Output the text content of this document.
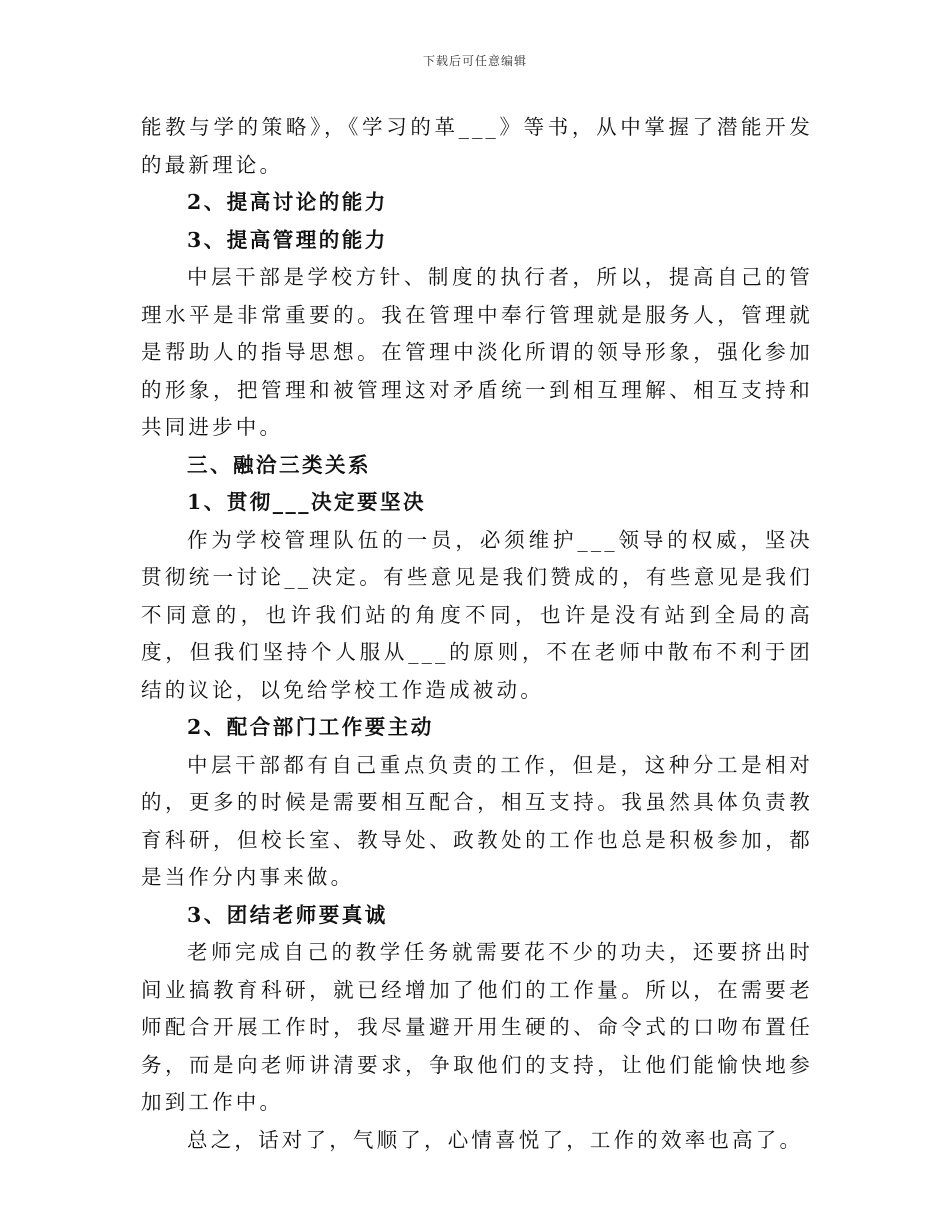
下载后可任意编辑

能教与学的策略》，《学习的革___》等书，从中掌握了潜能开发的最新理论。

2、提高讨论的能力

3、提高管理的能力

中层干部是学校方针、制度的执行者，所以，提高自己的管理水平是非常重要的。我在管理中奉行管理就是服务人，管理就是帮助人的指导思想。在管理中淡化所谓的领导形象，强化参加的形象，把管理和被管理这对矛盾统一到相互理解、相互支持和共同进步中。

三、融洽三类关系

1、贯彻___决定要坚决

作为学校管理队伍的一员，必须维护___领导的权威，坚决贯彻统一讨论__决定。有些意见是我们赞成的，有些意见是我们不同意的，也许我们站的角度不同，也许是没有站到全局的高度，但我们坚持个人服从___的原则，不在老师中散布不利于团结的议论，以免给学校工作造成被动。

2、配合部门工作要主动

中层干部都有自己重点负责的工作，但是，这种分工是相对的，更多的时候是需要相互配合，相互支持。我虽然具体负责教育科研，但校长室、教导处、政教处的工作也总是积极参加，都是当作分内事来做。

3、团结老师要真诚

老师完成自己的教学任务就需要花不少的功夫，还要挤出时间业搞教育科研，就已经增加了他们的工作量。所以，在需要老师配合开展工作时，我尽量避开用生硬的、命令式的口吻布置任务，而是向老师讲清要求，争取他们的支持，让他们能愉快地参加到工作中。

总之，话对了，气顺了，心情喜悦了，工作的效率也高了。
